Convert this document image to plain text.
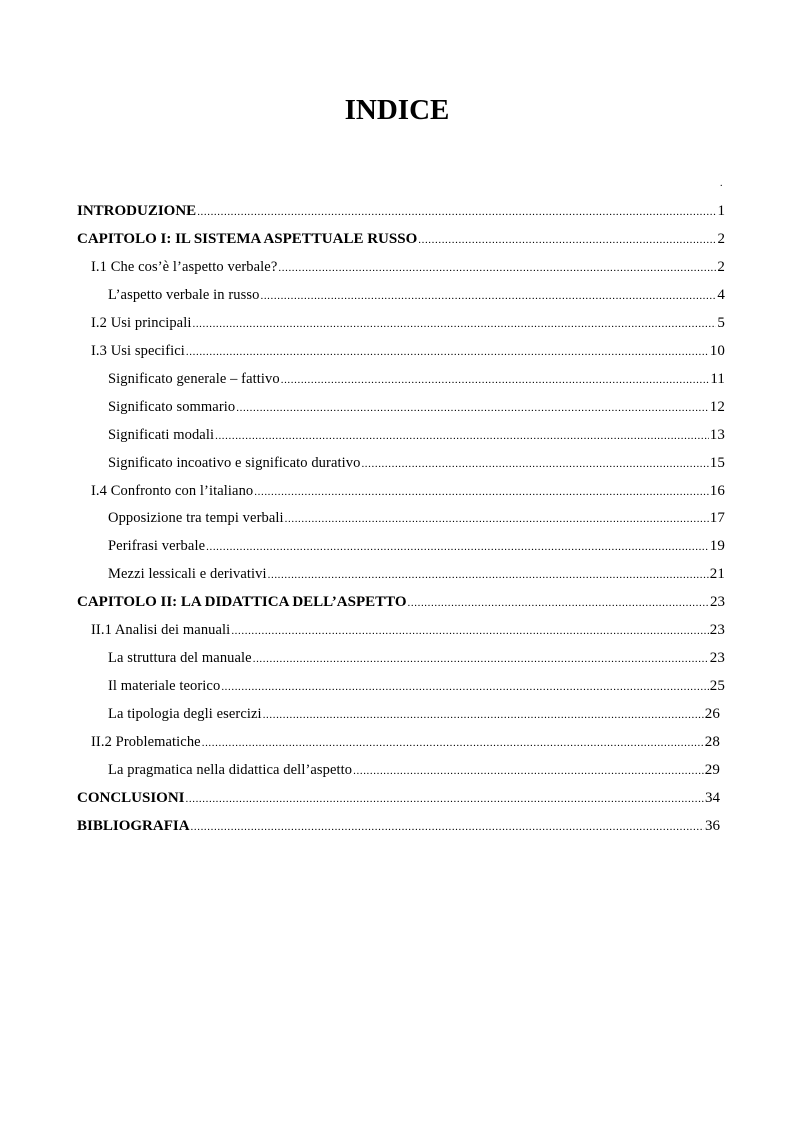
INDICE
.
INTRODUZIONE .....	1
CAPITOLO I: IL SISTEMA ASPETTUALE RUSSO .....	2
I.1 Che cos’è l’aspetto verbale? .....	2
L’aspetto verbale in russo .....	4
I.2 Usi principali .....	5
I.3 Usi specifici .....	10
Significato generale – fattivo .....	11
Significato sommario .....	12
Significati modali .....	13
Significato incoativo e significato durativo .....	15
I.4 Confronto con l’italiano .....	16
Opposizione tra tempi verbali .....	17
Perifrasi verbale .....	19
Mezzi lessicali e derivativi .....	21
CAPITOLO II: LA DIDATTICA DELL’ASPETTO .....	23
II.1 Analisi dei manuali .....	23
La struttura del manuale .....	23
Il materiale teorico .....	25
La tipologia degli esercizi .....	26
II.2 Problematiche .....	28
La pragmatica nella didattica dell’aspetto .....	29
CONCLUSIONI .....	34
BIBLIOGRAFIA .....	36
